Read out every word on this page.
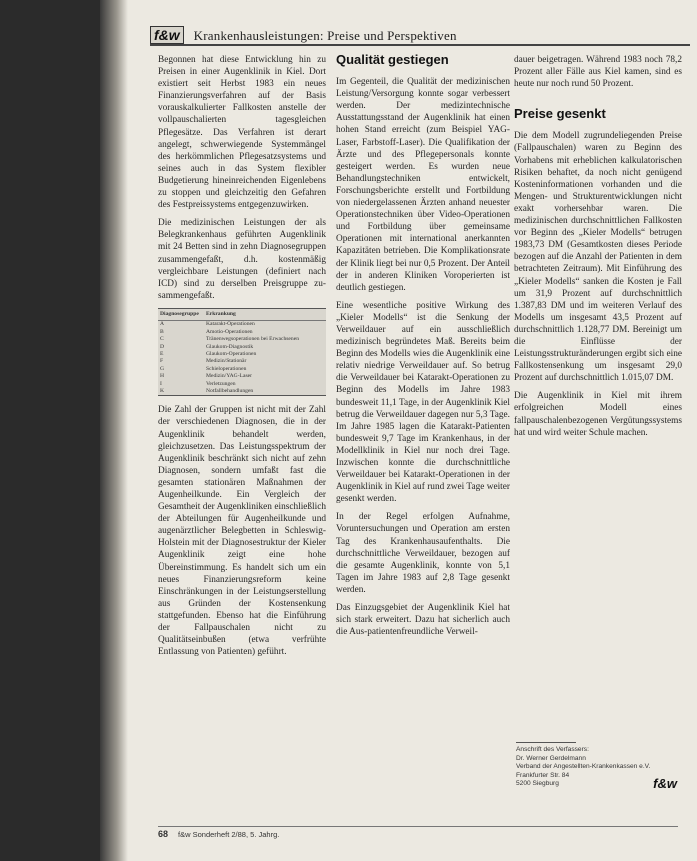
f&w	Krankenhausleistungen: Preise und Perspektiven

Begonnen hat diese Entwicklung hin zu Preisen in einer Augenklinik in Kiel. Dort existiert seit Herbst 1983 ein neues Finanzierungsverfahren auf der Basis vorauskalkulierter Fallkosten anstelle der vollpauschalierten tagesgleichen Pflegesätze. Das Verfahren ist derart angelegt, schwerwiegende Systemmängel des herkömmlichen Pflegesatzsystems und seines auch in das System flexibler Budgetierung hineinreichenden Eigenlebens zu stoppen und gleichzeitig den Gefahren des Festpreissystems entgegenzuwirken.

Die medizinischen Leistungen der als Belegkrankenhaus geführten Augenklinik mit 24 Betten sind in zehn Diagnosegruppen zusammengefaßt, d.h. kostenmäßig vergleichbare Leistungen (definiert nach ICD) sind zu derselben Preisgruppe zu-sammengefaßt.

Diagnosegruppe	Erkrankung
A	Katarakt-Operationen
B	Amotio-Operationen
C	Tränenwegsoperationen bei Erwachsenen
D	Glaukom-Diagnostik
E	Glaukom-Operationen
F	Medizin/Stationär
G	Schieloperationen
H	Medizin/YAG-Laser
I	Verletzungen
K	Notfallbehandlungen

Die Zahl der Gruppen ist nicht mit der Zahl der verschiedenen Diagnosen, die in der Augenklinik behandelt werden, gleichzusetzen. Das Leistungsspektrum der Augenklinik beschränkt sich nicht auf zehn Diagnosen, sondern umfaßt fast die gesamten stationären Maßnahmen der Augenheilkunde. Ein Vergleich der Gesamtheit der Augenkliniken einschließlich der Abteilungen für Augenheilkunde und augenärztlicher Belegbetten in Schleswig-Holstein mit der Diagnosestruktur der Kieler Augenklinik zeigt eine hohe Übereinstimmung. Es handelt sich um ein neues Finanzierungsreform keine Einschränkungen in der Leistungserstellung aus Gründen der Kostensenkung stattgefunden. Ebenso hat die Einführung der Fallpauschalen nicht zu Qualitätseinbußen (etwa verfrühte Entlassung von Patienten) geführt.

Qualität gestiegen

Im Gegenteil, die Qualität der medizinischen Leistung/Versorgung konnte sogar verbessert werden. Der medizintechnische Ausstattungsstand der Augenklinik hat einen hohen Stand erreicht (zum Beispiel YAG-Laser, Farbstoff-Laser). Die Qualifikation der Ärzte und des Pflegepersonals konnte gesteigert werden. Es wurden neue Behandlungstechniken entwickelt, Forschungsberichte erstellt und Fortbildung von niedergelassenen Ärzten anhand neuester Operationstechniken über Video-Operationen und Fortbildung über gemeinsame Operationen mit international anerkannten Kapazitäten betrieben. Die Komplikationsrate der Klinik liegt bei nur 0,5 Prozent. Der Anteil der in anderen Kliniken Voroperierten ist deutlich gestiegen.

Eine wesentliche positive Wirkung des „Kieler Modells“ ist die Senkung der Verweildauer auf ein ausschließlich medizinisch begründetes Maß. Bereits beim Beginn des Modells wies die Augenklinik eine relativ niedrige Verweildauer auf. So betrug die Verweildauer bei Katarakt-Operationen zu Beginn des Modells im Jahre 1983 bundesweit 11,1 Tage, in der Augenklinik Kiel betrug die Verweildauer dagegen nur 5,3 Tage. Im Jahre 1985 lagen die Katarakt-Patienten bundesweit 9,7 Tage im Krankenhaus, in der Modellklinik in Kiel nur noch drei Tage. Inzwischen konnte die durchschnittliche Verweildauer bei Katarakt-Operationen in der Augenklinik in Kiel auf rund zwei Tage weiter gesenkt werden.

In der Regel erfolgen Aufnahme, Voruntersuchungen und Operation am ersten Tag des Krankenhausaufenthalts. Die durchschnittliche Verweildauer, bezogen auf die gesamte Augenklinik, konnte von 5,1 Tagen im Jahre 1983 auf 2,8 Tage gesenkt werden.

Das Einzugsgebiet der Augenklinik Kiel hat sich stark erweitert. Dazu hat sicherlich auch die Aus-patientenfreundliche Verweil-

dauer beigetragen. Während 1983 noch 78,2 Prozent aller Fälle aus Kiel kamen, sind es heute nur noch rund 50 Prozent.

Preise gesenkt

Die dem Modell zugrundeliegenden Preise (Fallpauschalen) waren zu Beginn des Vorhabens mit erheblichen kalkulatorischen Risiken behaftet, da noch nicht genügend Kosteninformationen vorhanden und die Mengen- und Strukturentwicklungen nicht exakt vorhersehbar waren. Die medizinischen durchschnittlichen Fallkosten vor Beginn des „Kieler Modells“ betrugen 1983,73 DM (Gesamtkosten dieses Periode bezogen auf die Anzahl der Patienten in dem betrachteten Zeitraum). Mit Einführung des „Kieler Modells“ sanken die Kosten je Fall um 31,9 Prozent auf durchschnittlich 1.387,83 DM und im weiteren Verlauf des Modells um insgesamt 43,5 Prozent auf durchschnittlich 1.128,77 DM. Bereinigt um die Einflüsse der Leistungsstrukturänderungen ergibt sich eine Fallkostensenkung um insgesamt 29,0 Prozent auf durchschnittlich 1.015,07 DM.

Die Augenklinik in Kiel mit ihrem erfolgreichen Modell eines fallpauschalenbezogenen Vergütungssystems hat und wird weiter Schule machen.

Anschrift des Verfassers:
Dr. Werner Gerdelmann
Verband der Angestellten-Krankenkassen e.V.
Frankfurter Str. 84
5200 Siegburg	f&w
68 f&w Sonderheft 2/88, 5. Jahrg.
